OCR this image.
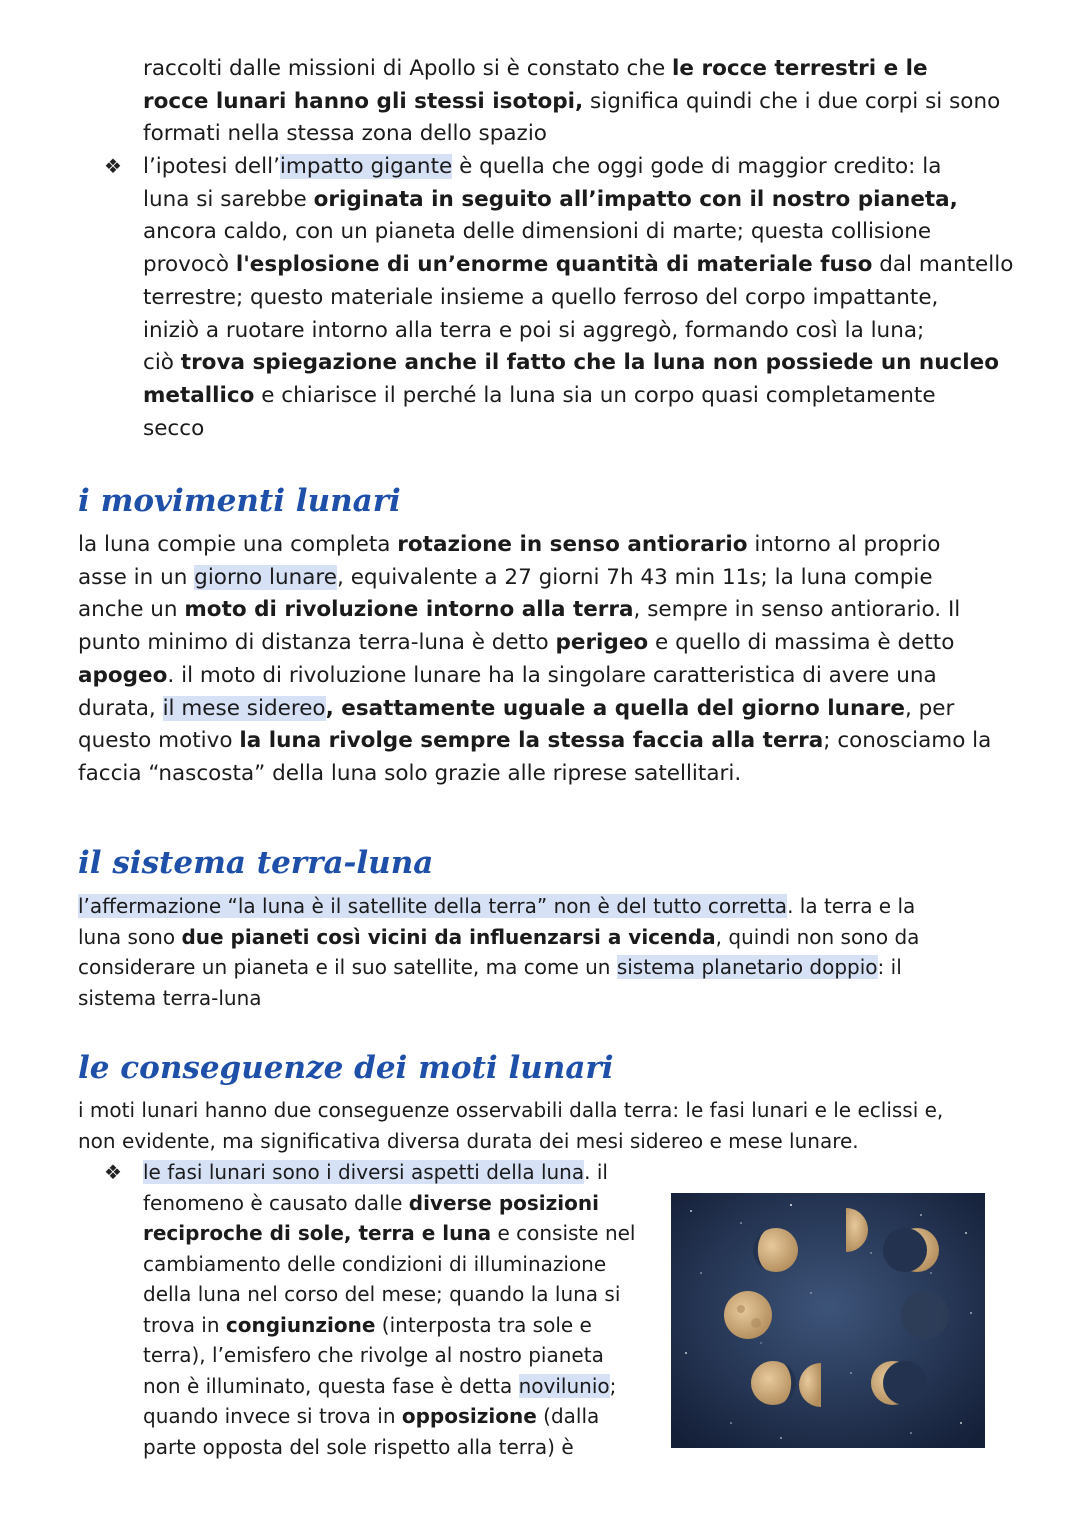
raccolti dalle missioni di Apollo si è constato che le rocce terrestri e le
rocce lunari hanno gli stessi isotopi, significa quindi che i due corpi si sono
formati nella stessa zona dello spazio
❖ l’ipotesi dell’impatto gigante è quella che oggi gode di maggior credito: la
luna si sarebbe originata in seguito all’impatto con il nostro pianeta,
ancora caldo, con un pianeta delle dimensioni di marte; questa collisione
provocò l'esplosione di un’enorme quantità di materiale fuso dal mantello
terrestre; questo materiale insieme a quello ferroso del corpo impattante,
iniziò a ruotare intorno alla terra e poi si aggregò, formando così la luna;
ciò trova spiegazione anche il fatto che la luna non possiede un nucleo
metallico e chiarisce il perché la luna sia un corpo quasi completamente
secco
i movimenti lunari
la luna compie una completa rotazione in senso antiorario intorno al proprio
asse in un giorno lunare, equivalente a 27 giorni 7h 43 min 11s; la luna compie
anche un moto di rivoluzione intorno alla terra, sempre in senso antiorario. Il
punto minimo di distanza terra-luna è detto perigeo e quello di massima è detto
apogeo. il moto di rivoluzione lunare ha la singolare caratteristica di avere una
durata, il mese sidereo, esattamente uguale a quella del giorno lunare, per
questo motivo la luna rivolge sempre la stessa faccia alla terra; conosciamo la
faccia “nascosta” della luna solo grazie alle riprese satellitari.
il sistema terra-luna
l’affermazione “la luna è il satellite della terra” non è del tutto corretta. la terra e la
luna sono due pianeti così vicini da influenzarsi a vicenda, quindi non sono da
considerare un pianeta e il suo satellite, ma come un sistema planetario doppio: il
sistema terra-luna
le conseguenze dei moti lunari
i moti lunari hanno due conseguenze osservabili dalla terra: le fasi lunari e le eclissi e,
non evidente, ma significativa diversa durata dei mesi sidereo e mese lunare.
❖ le fasi lunari sono i diversi aspetti della luna. il
fenomeno è causato dalle diverse posizioni
reciproche di sole, terra e luna e consiste nel
cambiamento delle condizioni di illuminazione
della luna nel corso del mese; quando la luna si
trova in congiunzione (interposta tra sole e
terra), l’emisfero che rivolge al nostro pianeta
non è illuminato, questa fase è detta novilunio;
quando invece si trova in opposizione (dalla
parte opposta del sole rispetto alla terra) è
